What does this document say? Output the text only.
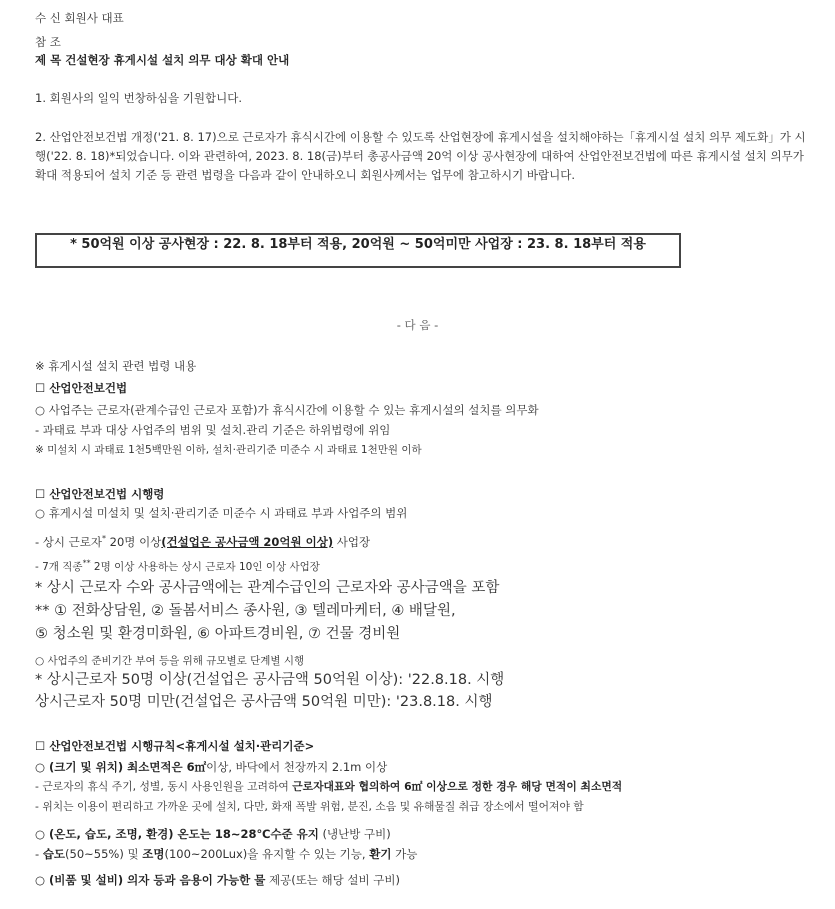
수 신 회원사 대표
참 조
제 목 건설현장 휴게시설 설치 의무 대상 확대 안내
1. 회원사의 일익 번창하심을 기원합니다.
2. 산업안전보건법 개정('21. 8. 17)으로 근로자가 휴식시간에 이용할 수 있도록 산업현장에 휴게시설을 설치해야하는「휴게시설 설치 의무 제도화」가 시행('22. 8. 18)*되었습니다. 이와 관련하여, 2023. 8. 18(금)부터 총공사금액 20억 이상 공사현장에 대하여 산업안전보건법에 따른 휴게시설 설치 의무가 확대 적용되어 설치 기준 등 관련 법령을 다음과 같이 안내하오니 회원사께서는 업무에 참고하시기 바랍니다.
* 50억원 이상 공사현장 : 22. 8. 18부터 적용, 20억원 ~ 50억미만 사업장 : 23. 8. 18부터 적용
- 다 음 -
※ 휴게시설 설치 관련 법령 내용
☐ 산업안전보건법
○ 사업주는 근로자(관계수급인 근로자 포함)가 휴식시간에 이용할 수 있는 휴게시설의 설치를 의무화
- 과태료 부과 대상 사업주의 범위 및 설치.관리 기준은 하위법령에 위임
※ 미설치 시 과태료 1천5백만원 이하, 설치·관리기준 미준수 시 과태료 1천만원 이하
☐ 산업안전보건법 시행령
○ 휴게시설 미설치 및 설치·관리기준 미준수 시 과태료 부과 사업주의 범위
- 상시 근로자* 20명 이상(건설업은 공사금액 20억원 이상) 사업장
- 7개 직종** 2명 이상 사용하는 상시 근로자 10인 이상 사업장
* 상시 근로자 수와 공사금액에는 관계수급인의 근로자와 공사금액을 포함
** ① 전화상담원, ② 돌봄서비스 종사원, ③ 텔레마케터, ④ 배달원,
⑤ 청소원 및 환경미화원, ⑥ 아파트경비원, ⑦ 건물 경비원
○ 사업주의 준비기간 부여 등을 위해 규모별로 단계별 시행
* 상시근로자 50명 이상(건설업은 공사금액 50억원 이상): '22.8.18. 시행
상시근로자 50명 미만(건설업은 공사금액 50억원 미만): '23.8.18. 시행
☐ 산업안전보건법 시행규칙<휴게시설 설치·관리기준>
○ (크기 및 위치) 최소면적은 6㎡이상, 바닥에서 천장까지 2.1m 이상
- 근로자의 휴식 주기, 성별, 동시 사용인원을 고려하여 근로자대표와 협의하여 6㎡ 이상으로 정한 경우 해당 면적이 최소면적
- 위치는 이용이 편리하고 가까운 곳에 설치, 다만, 화재 폭발 위험, 분진, 소음 및 유해물질 취급 장소에서 떨어져야 함
○ (온도, 습도, 조명, 환경) 온도는 18~28℃수준 유지 (냉난방 구비)
- 습도(50~55%) 및 조명(100~200Lux)을 유지할 수 있는 기능, 환기 가능
○ (비품 및 설비) 의자 등과 음용이 가능한 물 제공(또는 해당 설비 구비)
